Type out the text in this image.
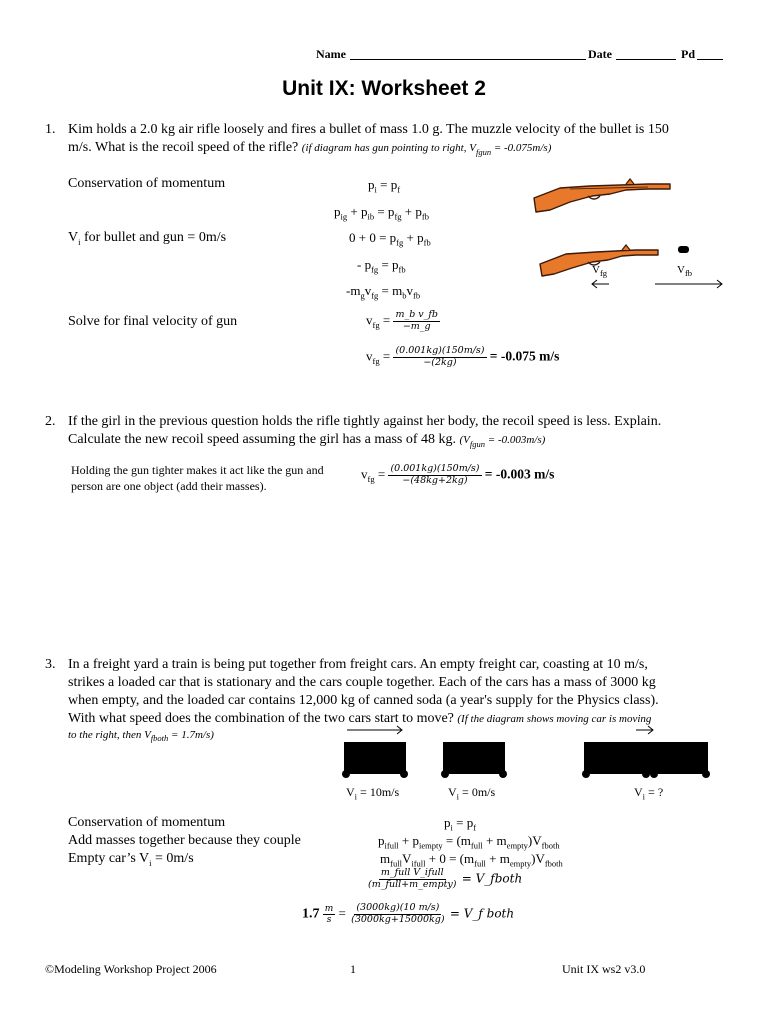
Name	Date	Pd
Unit IX: Worksheet 2
1. Kim holds a 2.0 kg air rifle loosely and fires a bullet of mass 1.0 g. The muzzle velocity of the bullet is 150
m/s. What is the recoil speed of the rifle? (if diagram has gun pointing to right, $V_{fgun} = -0.075m/s$)
Conservation of momentum
$V_i$ for bullet and gun = 0m/s
Solve for final velocity of gun
$p_i = p_f$
$p_{ig} + p_{ib} = p_{fg} + p_{fb}$
$0 + 0 = p_{fg} + p_{fb}$
- $p_{fg} = p_{fb}$
$-m_gv_{fg} = m_bv_{fb}$
$v_{fg} = \frac{\text{m\_b v\_fb}}{-m\_g}$
$v_{fg} = \frac{(0.001kg)(150m/s)}{-(2kg)} = -0.075$ m/s
$V_{fg}$	$V_{fb}$
2. If the girl in the previous question holds the rifle tightly against her body, the recoil speed is less. Explain.
Calculate the new recoil speed assuming the girl has a mass of 48 kg. $(V_{fgun} = -0.003m/s)$
Holding the gun tighter makes it act like the gun and
person are one object (add their masses).
$v_{fg} = \frac{(0.001kg)(150m/s)}{-(48kg+2kg)} = -0.003$ m/s
3. In a freight yard a train is being put together from freight cars. An empty freight car, coasting at 10 m/s,
strikes a loaded car that is stationary and the cars couple together. Each of the cars has a mass of 3000 kg
when empty, and the loaded car contains 12,000 kg of canned soda (a year's supply for the Physics class).
With what speed does the combination of the two cars start to move? (If the diagram shows moving car is moving
to the right, then $V_{fboth} = 1.7m/s$)
$V_i = 10m/s$	$V_i = 0m/s$	$V_i$ = ?
Conservation of momentum
Add masses together because they couple
Empty car’s $V_i = 0m/s$
$p_i = p_f$
$p_{ifull} + p_{iempty} = (m_{full} + m_{empty})V_{fboth}$
$m_{full}V_{ifull} + 0 = (m_{full} + m_{empty})V_{fboth}$
$\frac{\text{m\_full V\_ifull}}{\text{(m\_full+m\_empty)}}$ = V_fboth
$1.7 \frac{m}{s} = \frac{(3000kg)(10 m/s)}{(3000kg+15000kg)}$ = V_f both
©Modeling Workshop Project 2006	1	Unit IX ws2 v3.0
